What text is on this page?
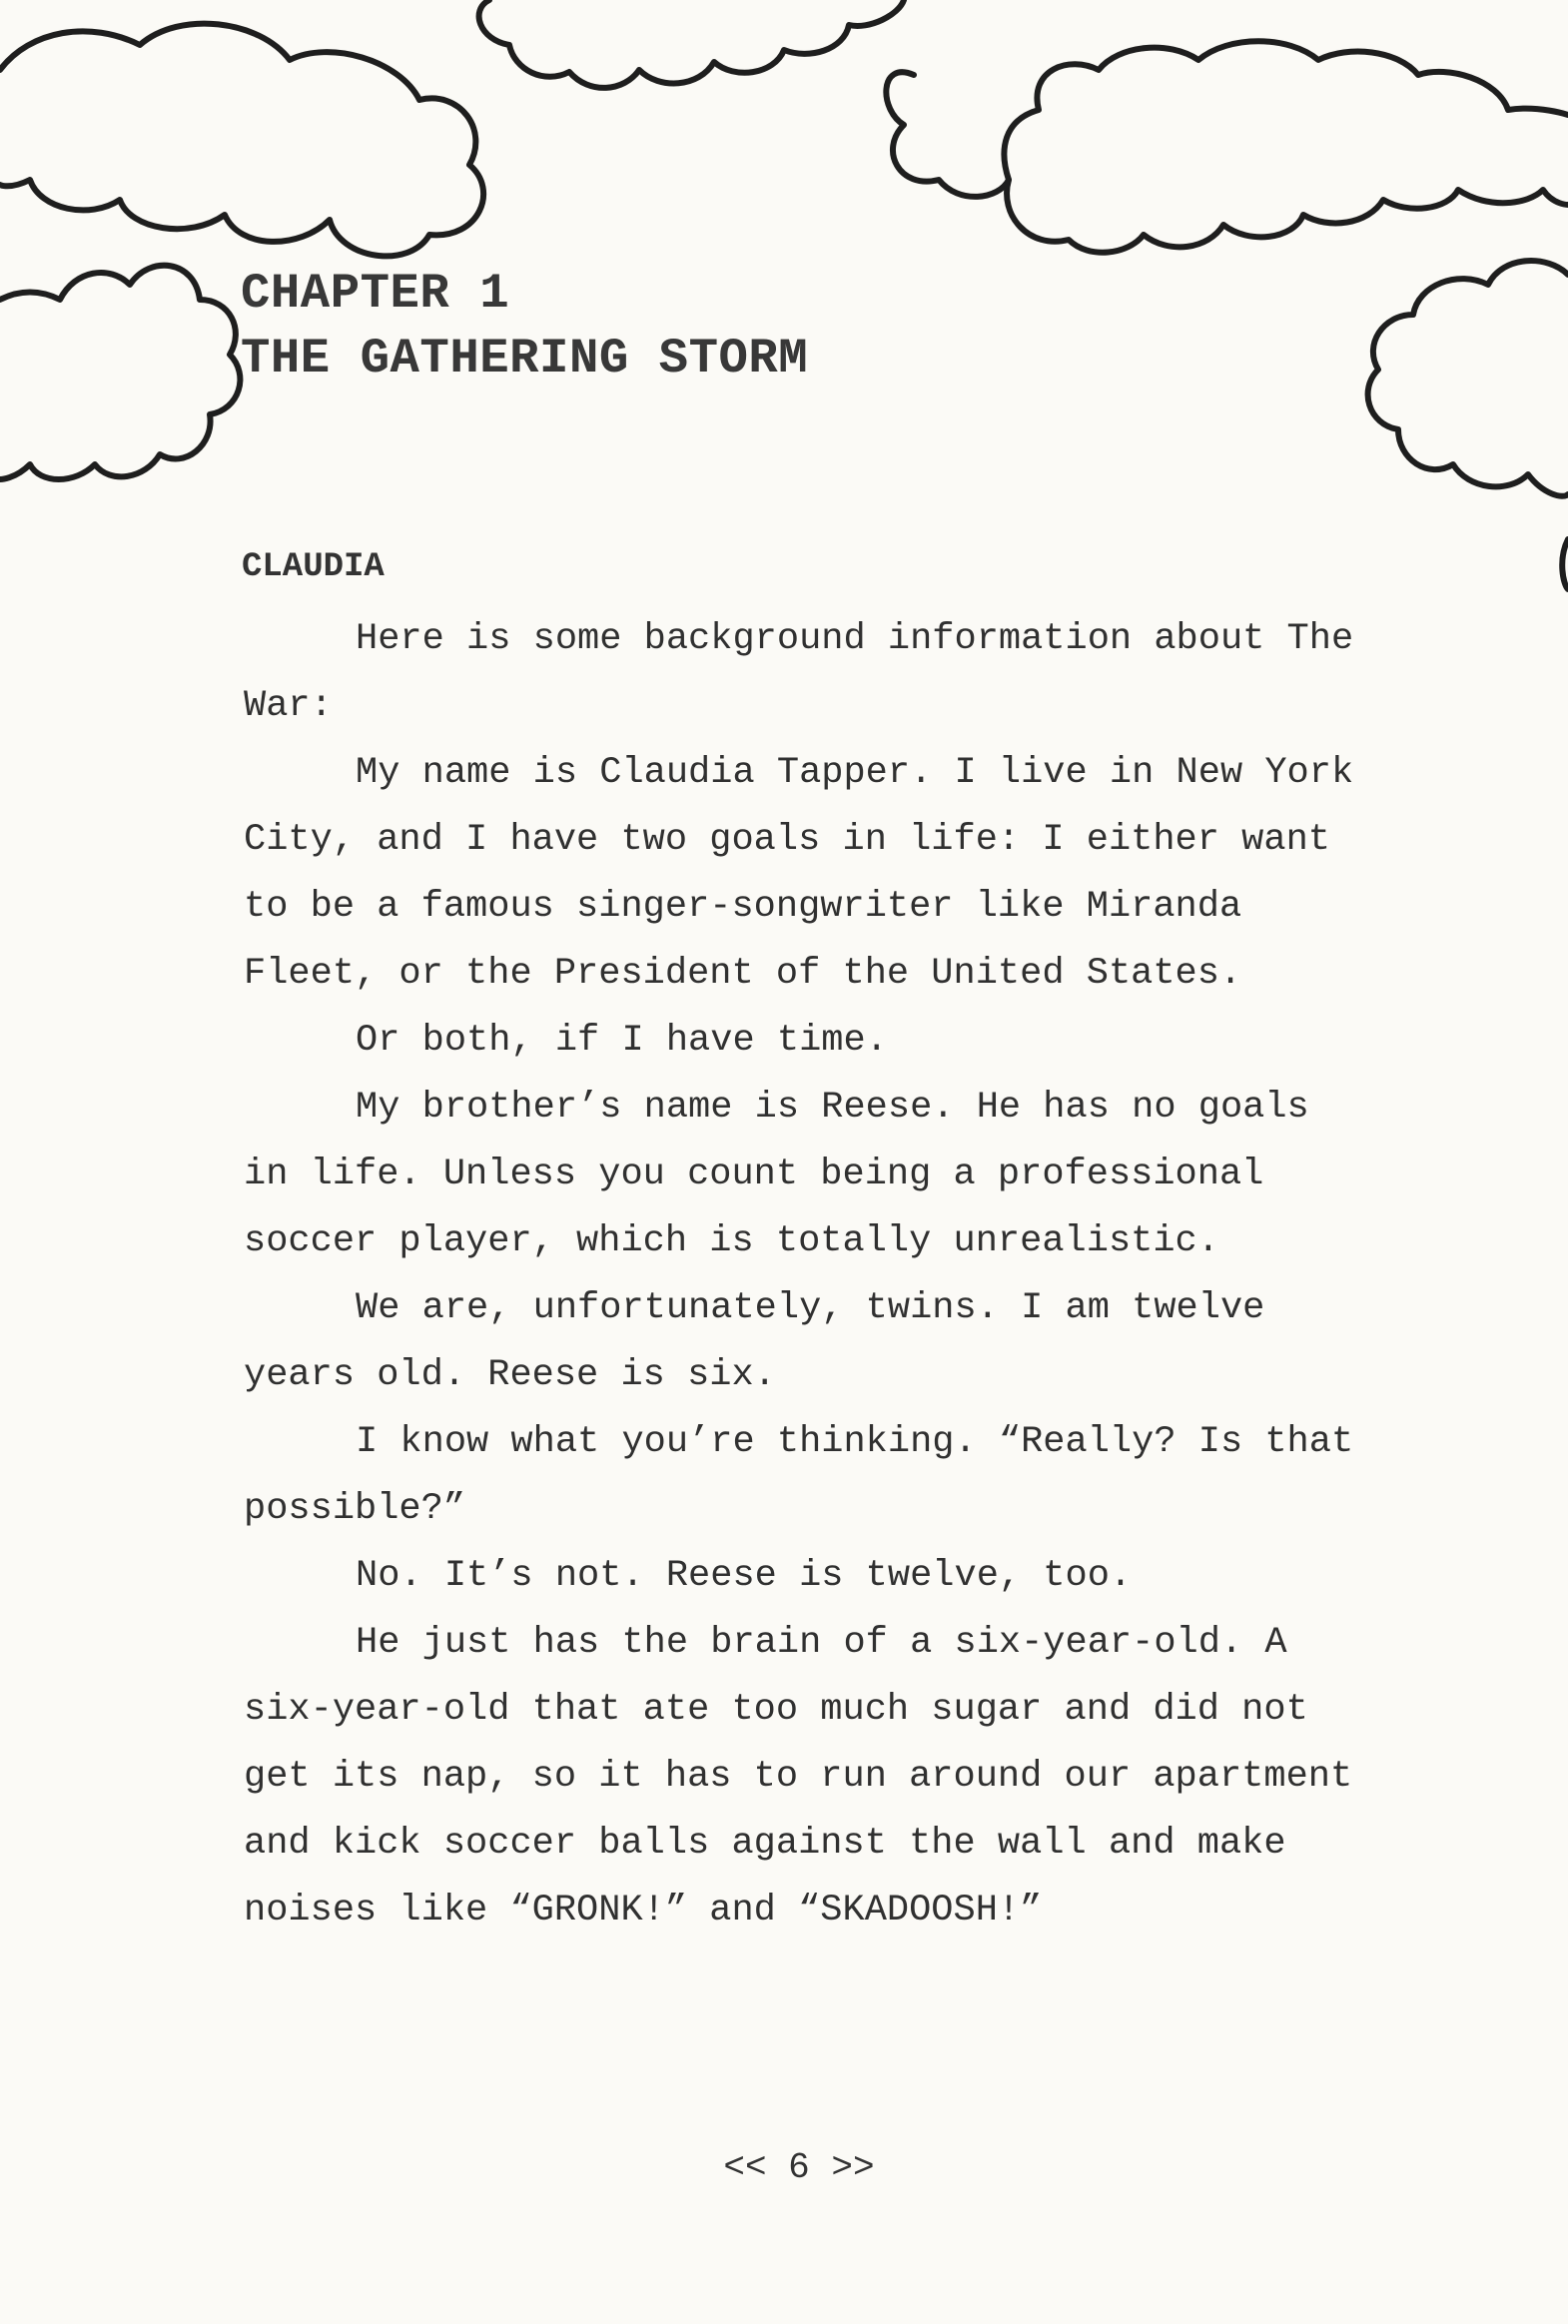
CHAPTER 1
THE GATHERING STORM
CLAUDIA

Here is some background information about The War:

My name is Claudia Tapper. I live in New York City, and I have two goals in life: I either want to be a famous singer-songwriter like Miranda Fleet, or the President of the United States.

Or both, if I have time.

My brother’s name is Reese. He has no goals in life. Unless you count being a professional soccer player, which is totally unrealistic.

We are, unfortunately, twins. I am twelve years old. Reese is six.

I know what you’re thinking. “Really? Is that possible?”

No. It’s not. Reese is twelve, too.

He just has the brain of a six-year-old. A six-year-old that ate too much sugar and did not get its nap, so it has to run around our apartment and kick soccer balls against the wall and make noises like “GRONK!” and “SKADOOSH!”

<< 6 >>
